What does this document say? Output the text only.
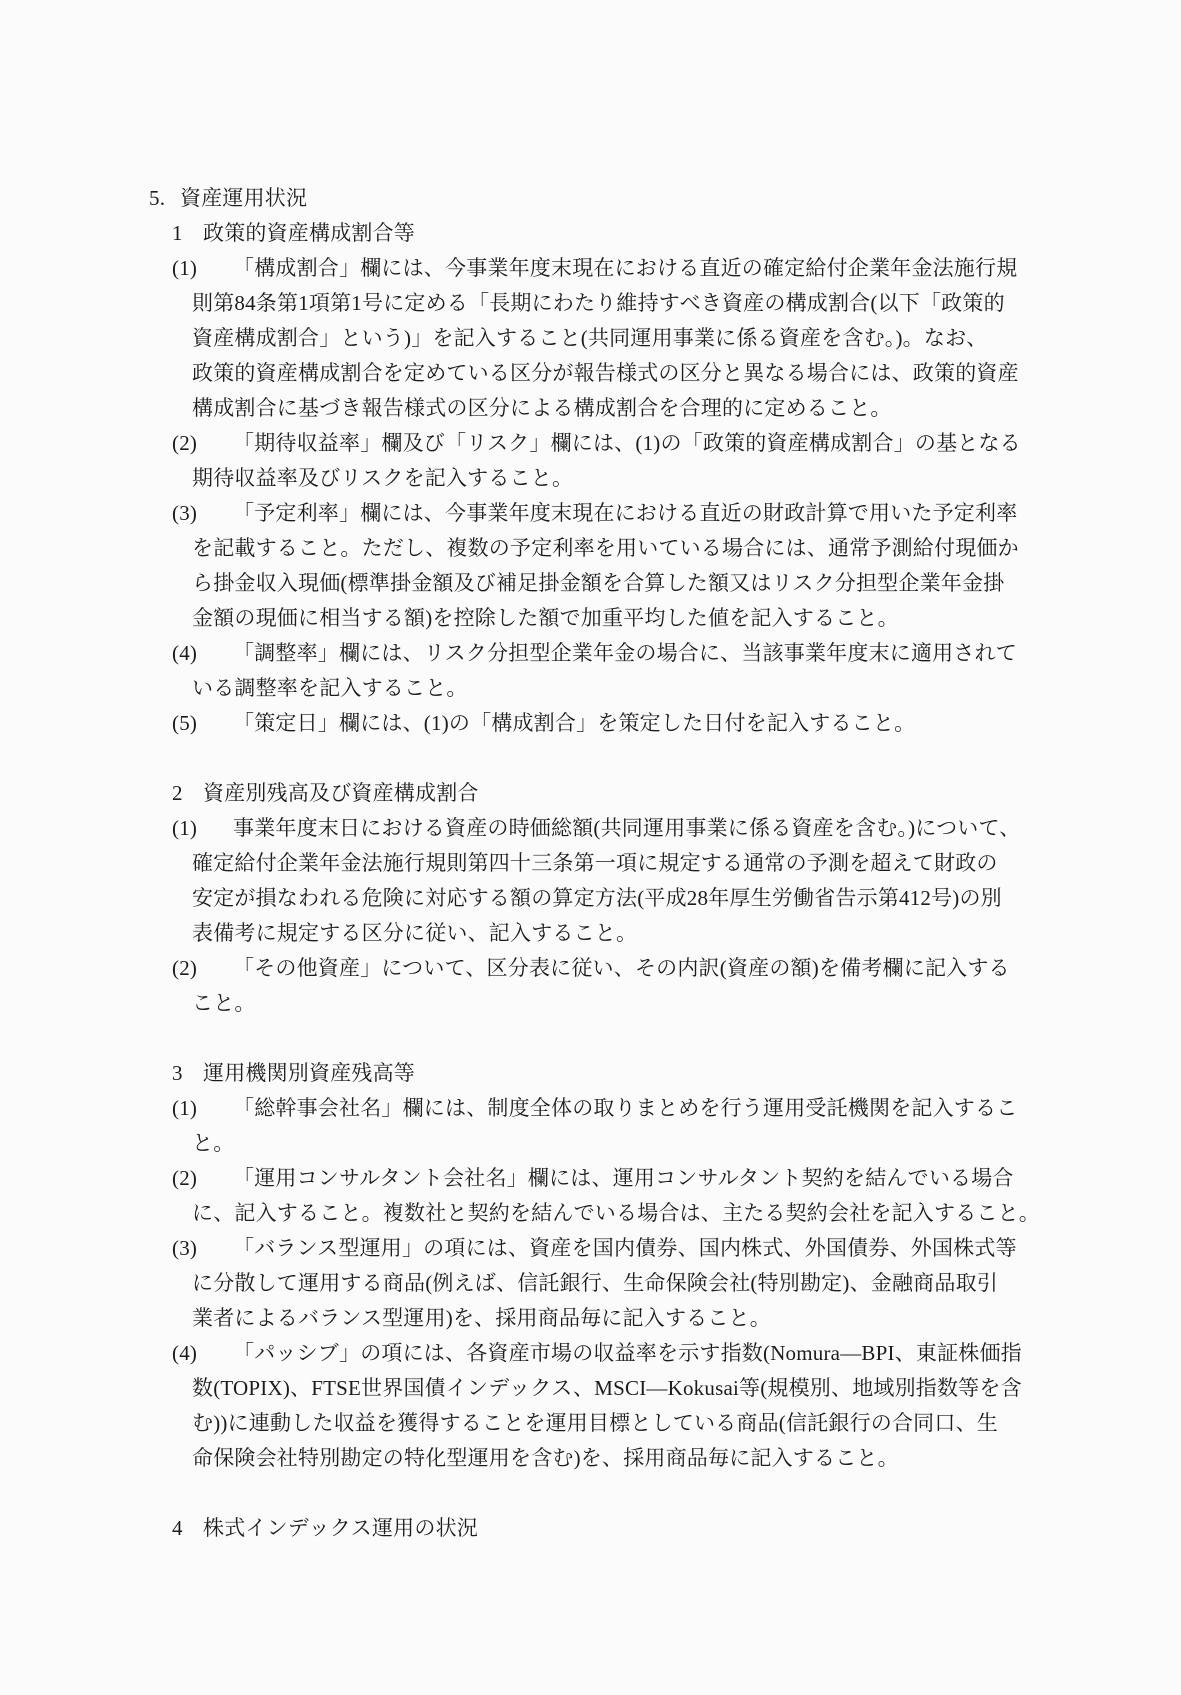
5. 資産運用状況
1 政策的資産構成割合等
(1) 「構成割合」欄には、今事業年度末現在における直近の確定給付企業年金法施行規
則第84条第1項第1号に定める「長期にわたり維持すべき資産の構成割合(以下「政策的
資産構成割合」という)」を記入すること(共同運用事業に係る資産を含む。)。なお、
政策的資産構成割合を定めている区分が報告様式の区分と異なる場合には、政策的資産
構成割合に基づき報告様式の区分による構成割合を合理的に定めること。
(2) 「期待収益率」欄及び「リスク」欄には、(1)の「政策的資産構成割合」の基となる
期待収益率及びリスクを記入すること。
(3) 「予定利率」欄には、今事業年度末現在における直近の財政計算で用いた予定利率
を記載すること。ただし、複数の予定利率を用いている場合には、通常予測給付現価か
ら掛金収入現価(標準掛金額及び補足掛金額を合算した額又はリスク分担型企業年金掛
金額の現価に相当する額)を控除した額で加重平均した値を記入すること。
(4) 「調整率」欄には、リスク分担型企業年金の場合に、当該事業年度末に適用されて
いる調整率を記入すること。
(5) 「策定日」欄には、(1)の「構成割合」を策定した日付を記入すること。
2 資産別残高及び資産構成割合
(1) 事業年度末日における資産の時価総額(共同運用事業に係る資産を含む。)について、
確定給付企業年金法施行規則第四十三条第一項に規定する通常の予測を超えて財政の
安定が損なわれる危険に対応する額の算定方法(平成28年厚生労働省告示第412号)の別
表備考に規定する区分に従い、記入すること。
(2) 「その他資産」について、区分表に従い、その内訳(資産の額)を備考欄に記入する
こと。
3 運用機関別資産残高等
(1) 「総幹事会社名」欄には、制度全体の取りまとめを行う運用受託機関を記入するこ
と。
(2) 「運用コンサルタント会社名」欄には、運用コンサルタント契約を結んでいる場合
に、記入すること。複数社と契約を結んでいる場合は、主たる契約会社を記入すること。
(3) 「バランス型運用」の項には、資産を国内債券、国内株式、外国債券、外国株式等
に分散して運用する商品(例えば、信託銀行、生命保険会社(特別勘定)、金融商品取引
業者によるバランス型運用)を、採用商品毎に記入すること。
(4) 「パッシブ」の項には、各資産市場の収益率を示す指数(Nomura―BPI、東証株価指
数(TOPIX)、FTSE世界国債インデックス、MSCI―Kokusai等(規模別、地域別指数等を含
む))に連動した収益を獲得することを運用目標としている商品(信託銀行の合同口、生
命保険会社特別勘定の特化型運用を含む)を、採用商品毎に記入すること。
4 株式インデックス運用の状況
